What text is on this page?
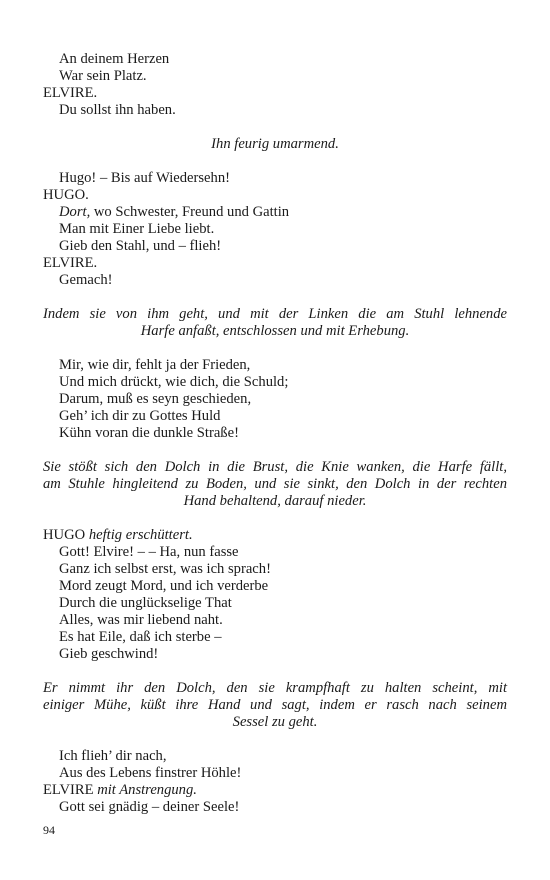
An deinem Herzen
War sein Platz.
ELVIRE.
Du sollst ihn haben.
Ihn feurig umarmend.
Hugo! – Bis auf Wiedersehn!
HUGO.
Dort, wo Schwester, Freund und Gattin
Man mit Einer Liebe liebt.
Gieb den Stahl, und – flieh!
ELVIRE.
Gemach!
Indem sie von ihm geht, und mit der Linken die am Stuhl lehnende
Harfe anfaßt, entschlossen und mit Erhebung.
Mir, wie dir, fehlt ja der Frieden,
Und mich drückt, wie dich, die Schuld;
Darum, muß es seyn geschieden,
Geh’ ich dir zu Gottes Huld
Kühn voran die dunkle Straße!
Sie stößt sich den Dolch in die Brust, die Knie wanken, die Harfe fällt,
am Stuhle hingleitend zu Boden, und sie sinkt, den Dolch in der rechten
Hand behaltend, darauf nieder.
HUGO heftig erschüttert.
Gott! Elvire! – – Ha, nun fasse
Ganz ich selbst erst, was ich sprach!
Mord zeugt Mord, und ich verderbe
Durch die unglückselige That
Alles, was mir liebend naht.
Es hat Eile, daß ich sterbe –
Gieb geschwind!
Er nimmt ihr den Dolch, den sie krampfhaft zu halten scheint, mit
einiger Mühe, küßt ihre Hand und sagt, indem er rasch nach seinem
Sessel zu geht.
Ich flieh’ dir nach,
Aus des Lebens finstrer Höhle!
ELVIRE mit Anstrengung.
Gott sei gnädig – deiner Seele!
94
